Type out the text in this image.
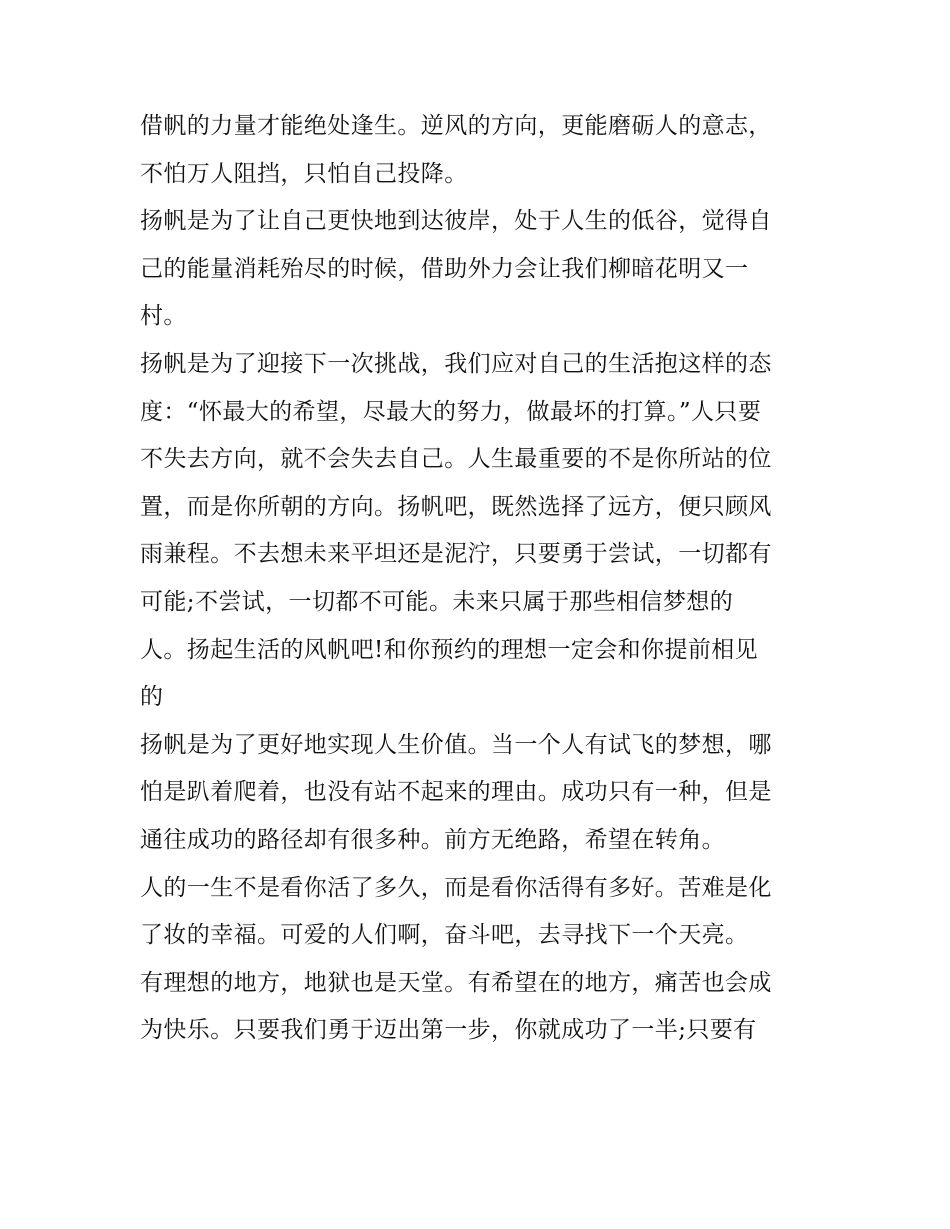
借帆的力量才能绝处逢生。逆风的方向，更能磨砺人的意志，
不怕万人阻挡，只怕自己投降。
扬帆是为了让自己更快地到达彼岸，处于人生的低谷，觉得自
己的能量消耗殆尽的时候，借助外力会让我们柳暗花明又一
村。
扬帆是为了迎接下一次挑战，我们应对自己的生活抱这样的态
度：“怀最大的希望，尽最大的努力，做最坏的打算。”人只要
不失去方向，就不会失去自己。人生最重要的不是你所站的位
置，而是你所朝的方向。扬帆吧，既然选择了远方，便只顾风
雨兼程。不去想未来平坦还是泥泞，只要勇于尝试，一切都有
可能;不尝试，一切都不可能。未来只属于那些相信梦想的
人。扬起生活的风帆吧!和你预约的理想一定会和你提前相见
的
扬帆是为了更好地实现人生价值。当一个人有试飞的梦想，哪
怕是趴着爬着，也没有站不起来的理由。成功只有一种，但是
通往成功的路径却有很多种。前方无绝路，希望在转角。
人的一生不是看你活了多久，而是看你活得有多好。苦难是化
了妆的幸福。可爱的人们啊，奋斗吧，去寻找下一个天亮。
有理想的地方，地狱也是天堂。有希望在的地方，痛苦也会成
为快乐。只要我们勇于迈出第一步，你就成功了一半;只要有
